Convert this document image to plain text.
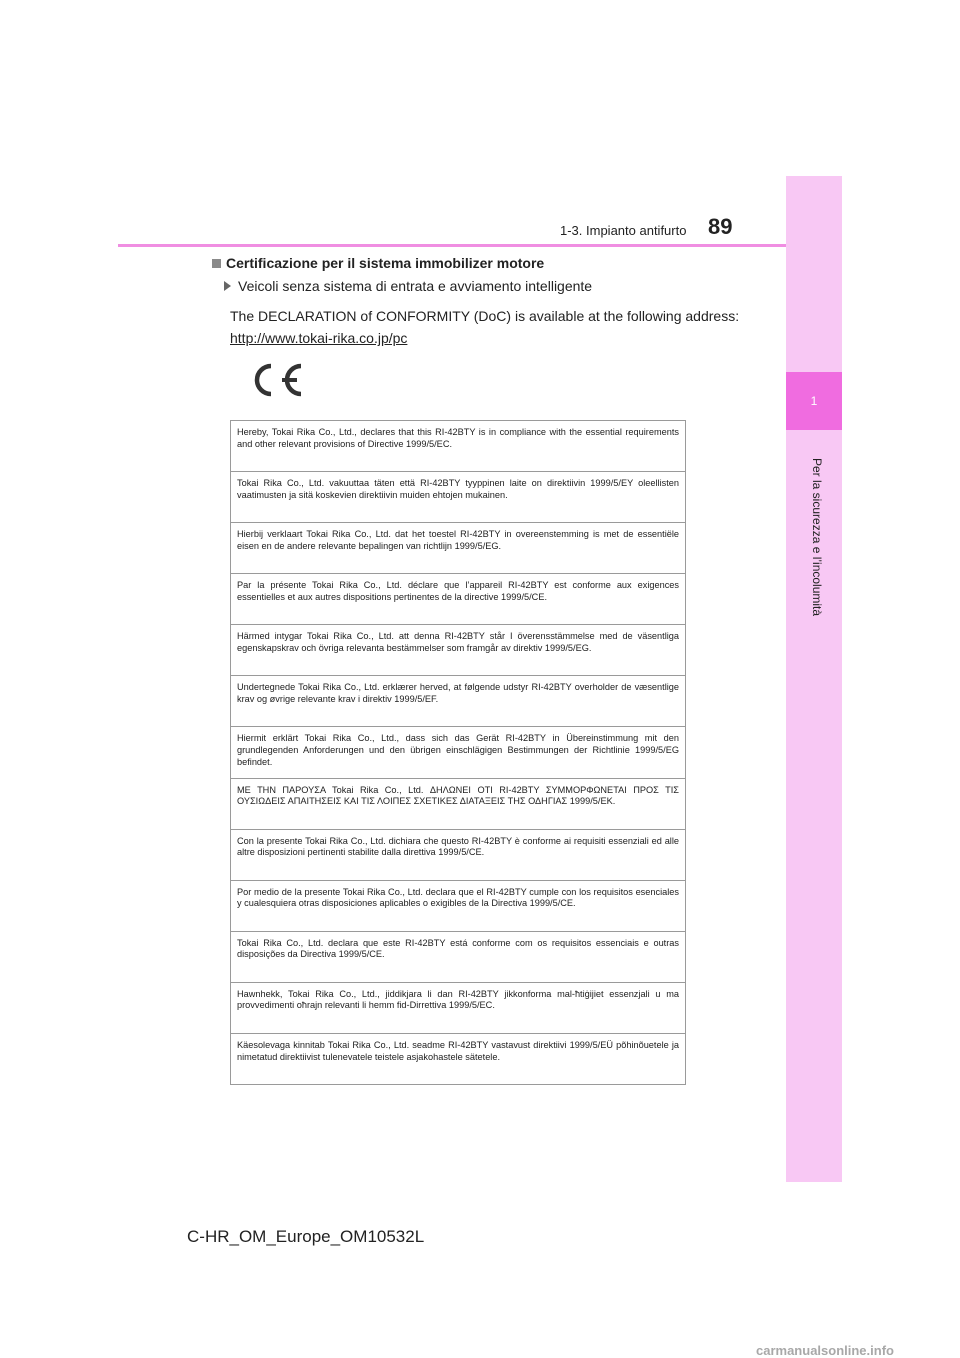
1
Per la sicurezza e l’incolumità
1-3. Impianto antifurto 89
Certificazione per il sistema immobilizer motore
Veicoli senza sistema di entrata e avviamento intelligente
The DECLARATION of CONFORMITY (DoC) is available at the following address:
http://www.tokai-rika.co.jp/pc
Hereby, Tokai Rika Co., Ltd., declares that this RI-42BTY is in compliance with the essential requirements and other relevant provisions of Directive 1999/5/EC.
Tokai Rika Co., Ltd. vakuuttaa täten että RI-42BTY tyyppinen laite on direktiivin 1999/5/EY oleellisten vaatimusten ja sitä koskevien direktiivin muiden ehtojen mukainen.
Hierbij verklaart Tokai Rika Co., Ltd. dat het toestel RI-42BTY in overeenstemming is met de essentiële eisen en de andere relevante bepalingen van richtlijn 1999/5/EG.
Par la présente Tokai Rika Co., Ltd. déclare que l’appareil RI-42BTY est conforme aux exigences essentielles et aux autres dispositions pertinentes de la directive 1999/5/CE.
Härmed intygar Tokai Rika Co., Ltd. att denna RI-42BTY står I överensstämmelse med de väsentliga egenskapskrav och övriga relevanta bestämmelser som framgår av direktiv 1999/5/EG.
Undertegnede Tokai Rika Co., Ltd. erklærer herved, at følgende udstyr RI-42BTY overholder de væsentlige krav og øvrige relevante krav i direktiv 1999/5/EF.
Hiermit erklärt Tokai Rika Co., Ltd., dass sich das Gerät RI-42BTY in Übereinstimmung mit den grundlegenden Anforderungen und den übrigen einschlägigen Bestimmungen der Richtlinie 1999/5/EG befindet.
ΜΕ ΤΗΝ ΠΑΡΟΥΣΑ Tokai Rika Co., Ltd. ΔΗΛΩΝΕΙ ΟΤΙ RI-42BTY ΣΥΜΜΟΡΦΩΝΕΤΑΙ ΠΡΟΣ ΤΙΣ ΟΥΣΙΩΔΕΙΣ ΑΠΑΙΤΗΣΕΙΣ ΚΑΙ ΤΙΣ ΛΟΙΠΕΣ ΣΧΕΤΙΚΕΣ ΔΙΑΤΑΞΕΙΣ ΤΗΣ ΟΔΗΓΙΑΣ 1999/5/ΕΚ.
Con la presente Tokai Rika Co., Ltd. dichiara che questo RI-42BTY è conforme ai requisiti essenziali ed alle altre disposizioni pertinenti stabilite dalla direttiva 1999/5/CE.
Por medio de la presente Tokai Rika Co., Ltd. declara que el RI-42BTY cumple con los requisitos esenciales y cualesquiera otras disposiciones aplicables o exigibles de la Directiva 1999/5/CE.
Tokai Rika Co., Ltd. declara que este RI-42BTY está conforme com os requisitos essenciais e outras disposições da Directiva 1999/5/CE.
Hawnhekk, Tokai Rika Co., Ltd., jiddikjara li dan RI-42BTY jikkonforma mal-ħtiġijiet essenzjali u ma provvedimenti oħrajn relevanti li hemm fid-Dirrettiva 1999/5/EC.
Käesolevaga kinnitab Tokai Rika Co., Ltd. seadme RI-42BTY vastavust direktiivi 1999/5/EÜ põhinõuetele ja nimetatud direktiivist tulenevatele teistele asjakohastele sätetele.
C-HR_OM_Europe_OM10532L
carmanualsonline.info
